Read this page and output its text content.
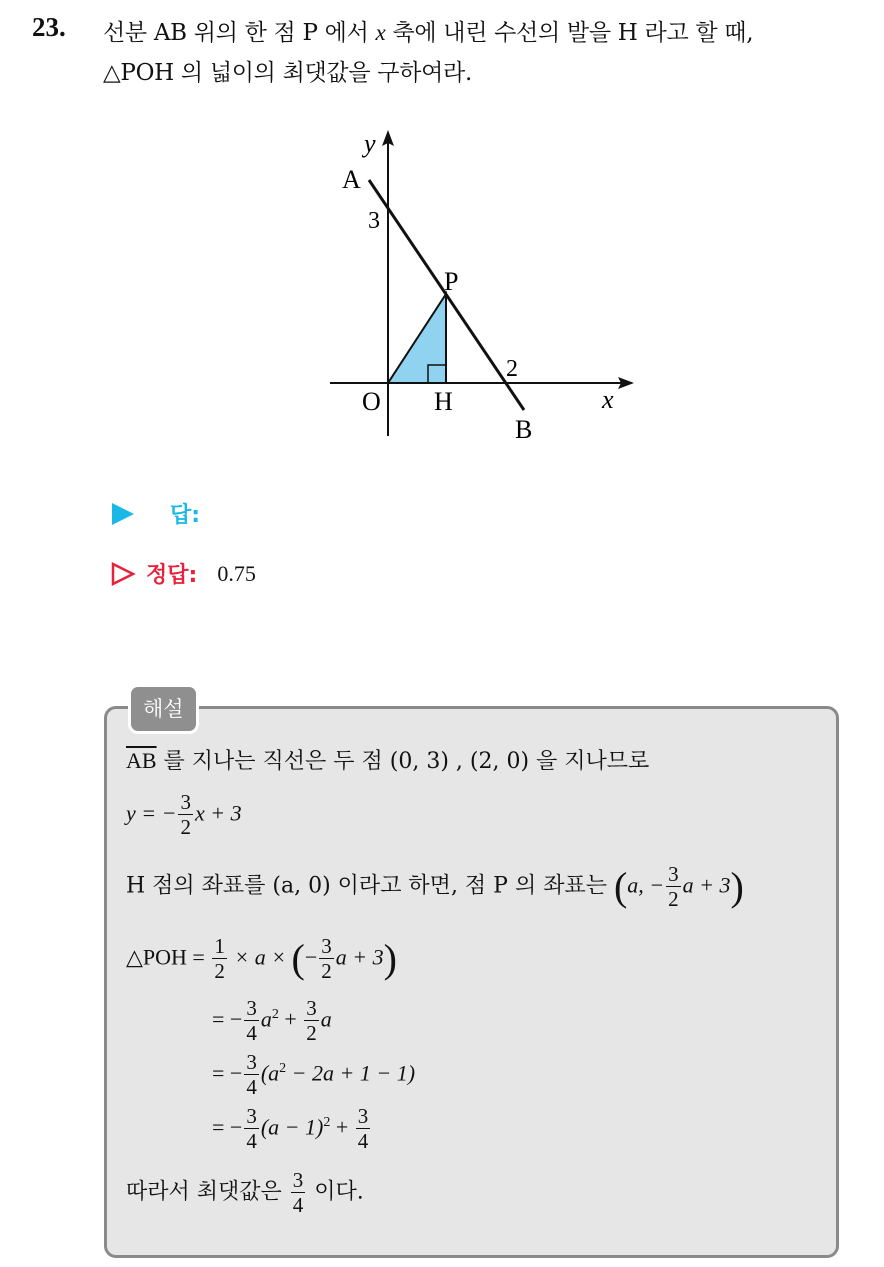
23. 선분 AB 위의 한 점 P 에서 x 축에 내린 수선의 발을 H 라고 할 때,
△POH 의 넓이의 최댓값을 구하여라.
y
A
3
P
2
O H	x
B
답:
정답: 0.75
해설
$\overline{AB}$ 를 지나는 직선은 두 점 (0, 3) , (2, 0) 을 지나므로
y = − $\frac{3}{2}$ x + 3
H 점의 좌표를 (a, 0) 이라고 하면, 점 P 의 좌표는 (a, − $\frac{3}{2}$ a + 3)
△POH = $\frac{1}{2} \times a$ × (− $\frac{3}{2}$ a + 3)
= − $\frac{3}{4} a^2 + \frac{3}{2}$ a
= − $\frac{3}{4} (a^2 - 2a + 1 - 1)$
= − $\frac{3}{4} (a - 1)^2 + \frac{3}{4}$
따라서 최댓값은 $\frac{3}{4}$ 이다.
